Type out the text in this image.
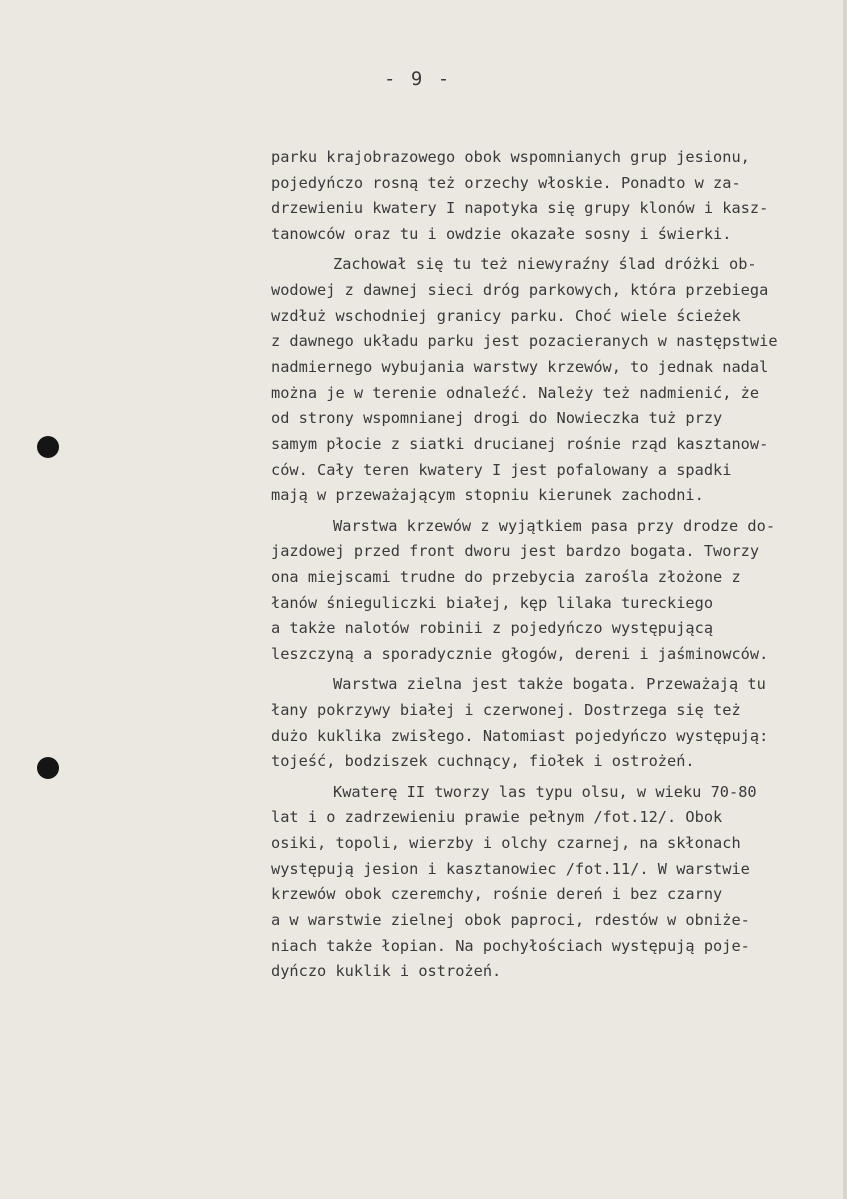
- 9 -
parku krajobrazowego obok wspomnianych grup jesionu,
pojedyńczo rosną też orzechy włoskie. Ponadto w za-
drzewieniu kwatery I napotyka się grupy klonów i kasz-
tanowców oraz tu i owdzie okazałe sosny i świerki.
Zachował się tu też niewyraźny ślad dróżki ob-
wodowej z dawnej sieci dróg parkowych, która przebiega
wzdłuż wschodniej granicy parku. Choć wiele ścieżek
z dawnego układu parku jest pozacieranych w następstwie
nadmiernego wybujania warstwy krzewów, to jednak nadal
można je w terenie odnaleźć. Należy też nadmienić, że
od strony wspomnianej drogi do Nowieczka tuż przy
samym płocie z siatki drucianej rośnie rząd kasztanow-
ców. Cały teren kwatery I jest pofalowany a spadki
mają w przeważającym stopniu kierunek zachodni.
Warstwa krzewów z wyjątkiem pasa przy drodze do-
jazdowej przed front dworu jest bardzo bogata. Tworzy
ona miejscami trudne do przebycia zarośla złożone z
łanów śnieguliczki białej, kęp lilaka tureckiego
a także nalotów robinii z pojedyńczo występującą
leszczyną a sporadycznie głogów, dereni i jaśminowców.
Warstwa zielna jest także bogata. Przeważają tu
łany pokrzywy białej i czerwonej. Dostrzega się też
dużo kuklika zwisłego. Natomiast pojedyńczo występują:
tojeść, bodziszek cuchnący, fiołek i ostrożeń.
Kwaterę II tworzy las typu olsu, w wieku 70-80
lat i o zadrzewieniu prawie pełnym /fot.12/. Obok
osiki, topoli, wierzby i olchy czarnej, na skłonach
występują jesion i kasztanowiec /fot.11/. W warstwie
krzewów obok czeremchy, rośnie dereń i bez czarny
a w warstwie zielnej obok paproci, rdestów w obniże-
niach także łopian. Na pochyłościach występują poje-
dyńczo kuklik i ostrożeń.
